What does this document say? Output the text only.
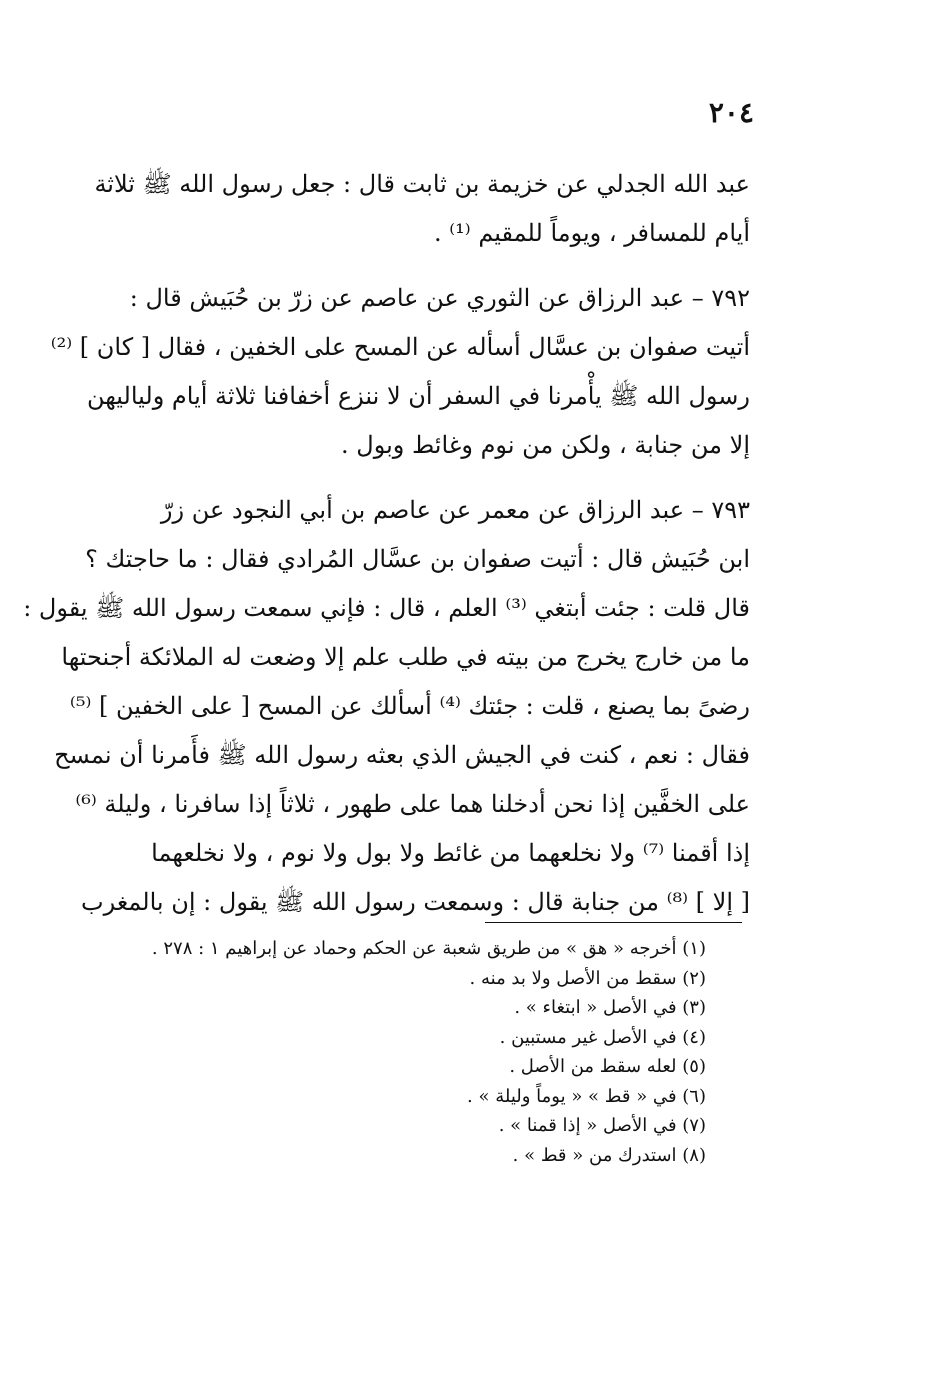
٢٠٤
عبد الله الجدلي عن خزيمة بن ثابت قال : جعل رسول الله ﷺ ثلاثة
أيام للمسافر ، ويوماً للمقيم ⁽¹⁾ .
٧٩٢ – عبد الرزاق عن الثوري عن عاصم عن زرّ بن حُبَيش قال :
أتيت صفوان بن عسَّال أسأله عن المسح على الخفين ، فقال [ كان ] ⁽²⁾
رسول الله ﷺ يأْمرنا في السفر أن لا ننزع أخفافنا ثلاثة أيام ولياليهن
إلا من جنابة ، ولكن من نوم وغائط وبول .
٧٩٣ – عبد الرزاق عن معمر عن عاصم بن أبي النجود عن زرّ
ابن حُبَيش قال : أتيت صفوان بن عسَّال المُرادي فقال : ما حاجتك ؟
قال قلت : جئت أبتغي ⁽³⁾ العلم ، قال : فإني سمعت رسول الله ﷺ يقول :
ما من خارج يخرج من بيته في طلب علم إلا وضعت له الملائكة أجنحتها
رضىً بما يصنع ، قلت : جئتك ⁽⁴⁾ أسألك عن المسح [ على الخفين ] ⁽⁵⁾
فقال : نعم ، كنت في الجيش الذي بعثه رسول الله ﷺ فأَمرنا أن نمسح
على الخفَّين إذا نحن أدخلنا هما على طهور ، ثلاثاً إذا سافرنا ، وليلة ⁽⁶⁾
إذا أقمنا ⁽⁷⁾ ولا نخلعهما من غائط ولا بول ولا نوم ، ولا نخلعهما
[ إلا ] ⁽⁸⁾ من جنابة قال : وسمعت رسول الله ﷺ يقول : إن بالمغرب
(١) أخرجه « هق » من طريق شعبة عن الحكم وحماد عن إبراهيم ١ : ٢٧٨ .
(٢) سقط من الأصل ولا بد منه .
(٣) في الأصل « ابتغاء » .
(٤) في الأصل غير مستبين .
(٥) لعله سقط من الأصل .
(٦) في « قط » « يوماً وليلة » .
(٧) في الأصل « إذا قمنا » .
(٨) استدرك من « قط » .
